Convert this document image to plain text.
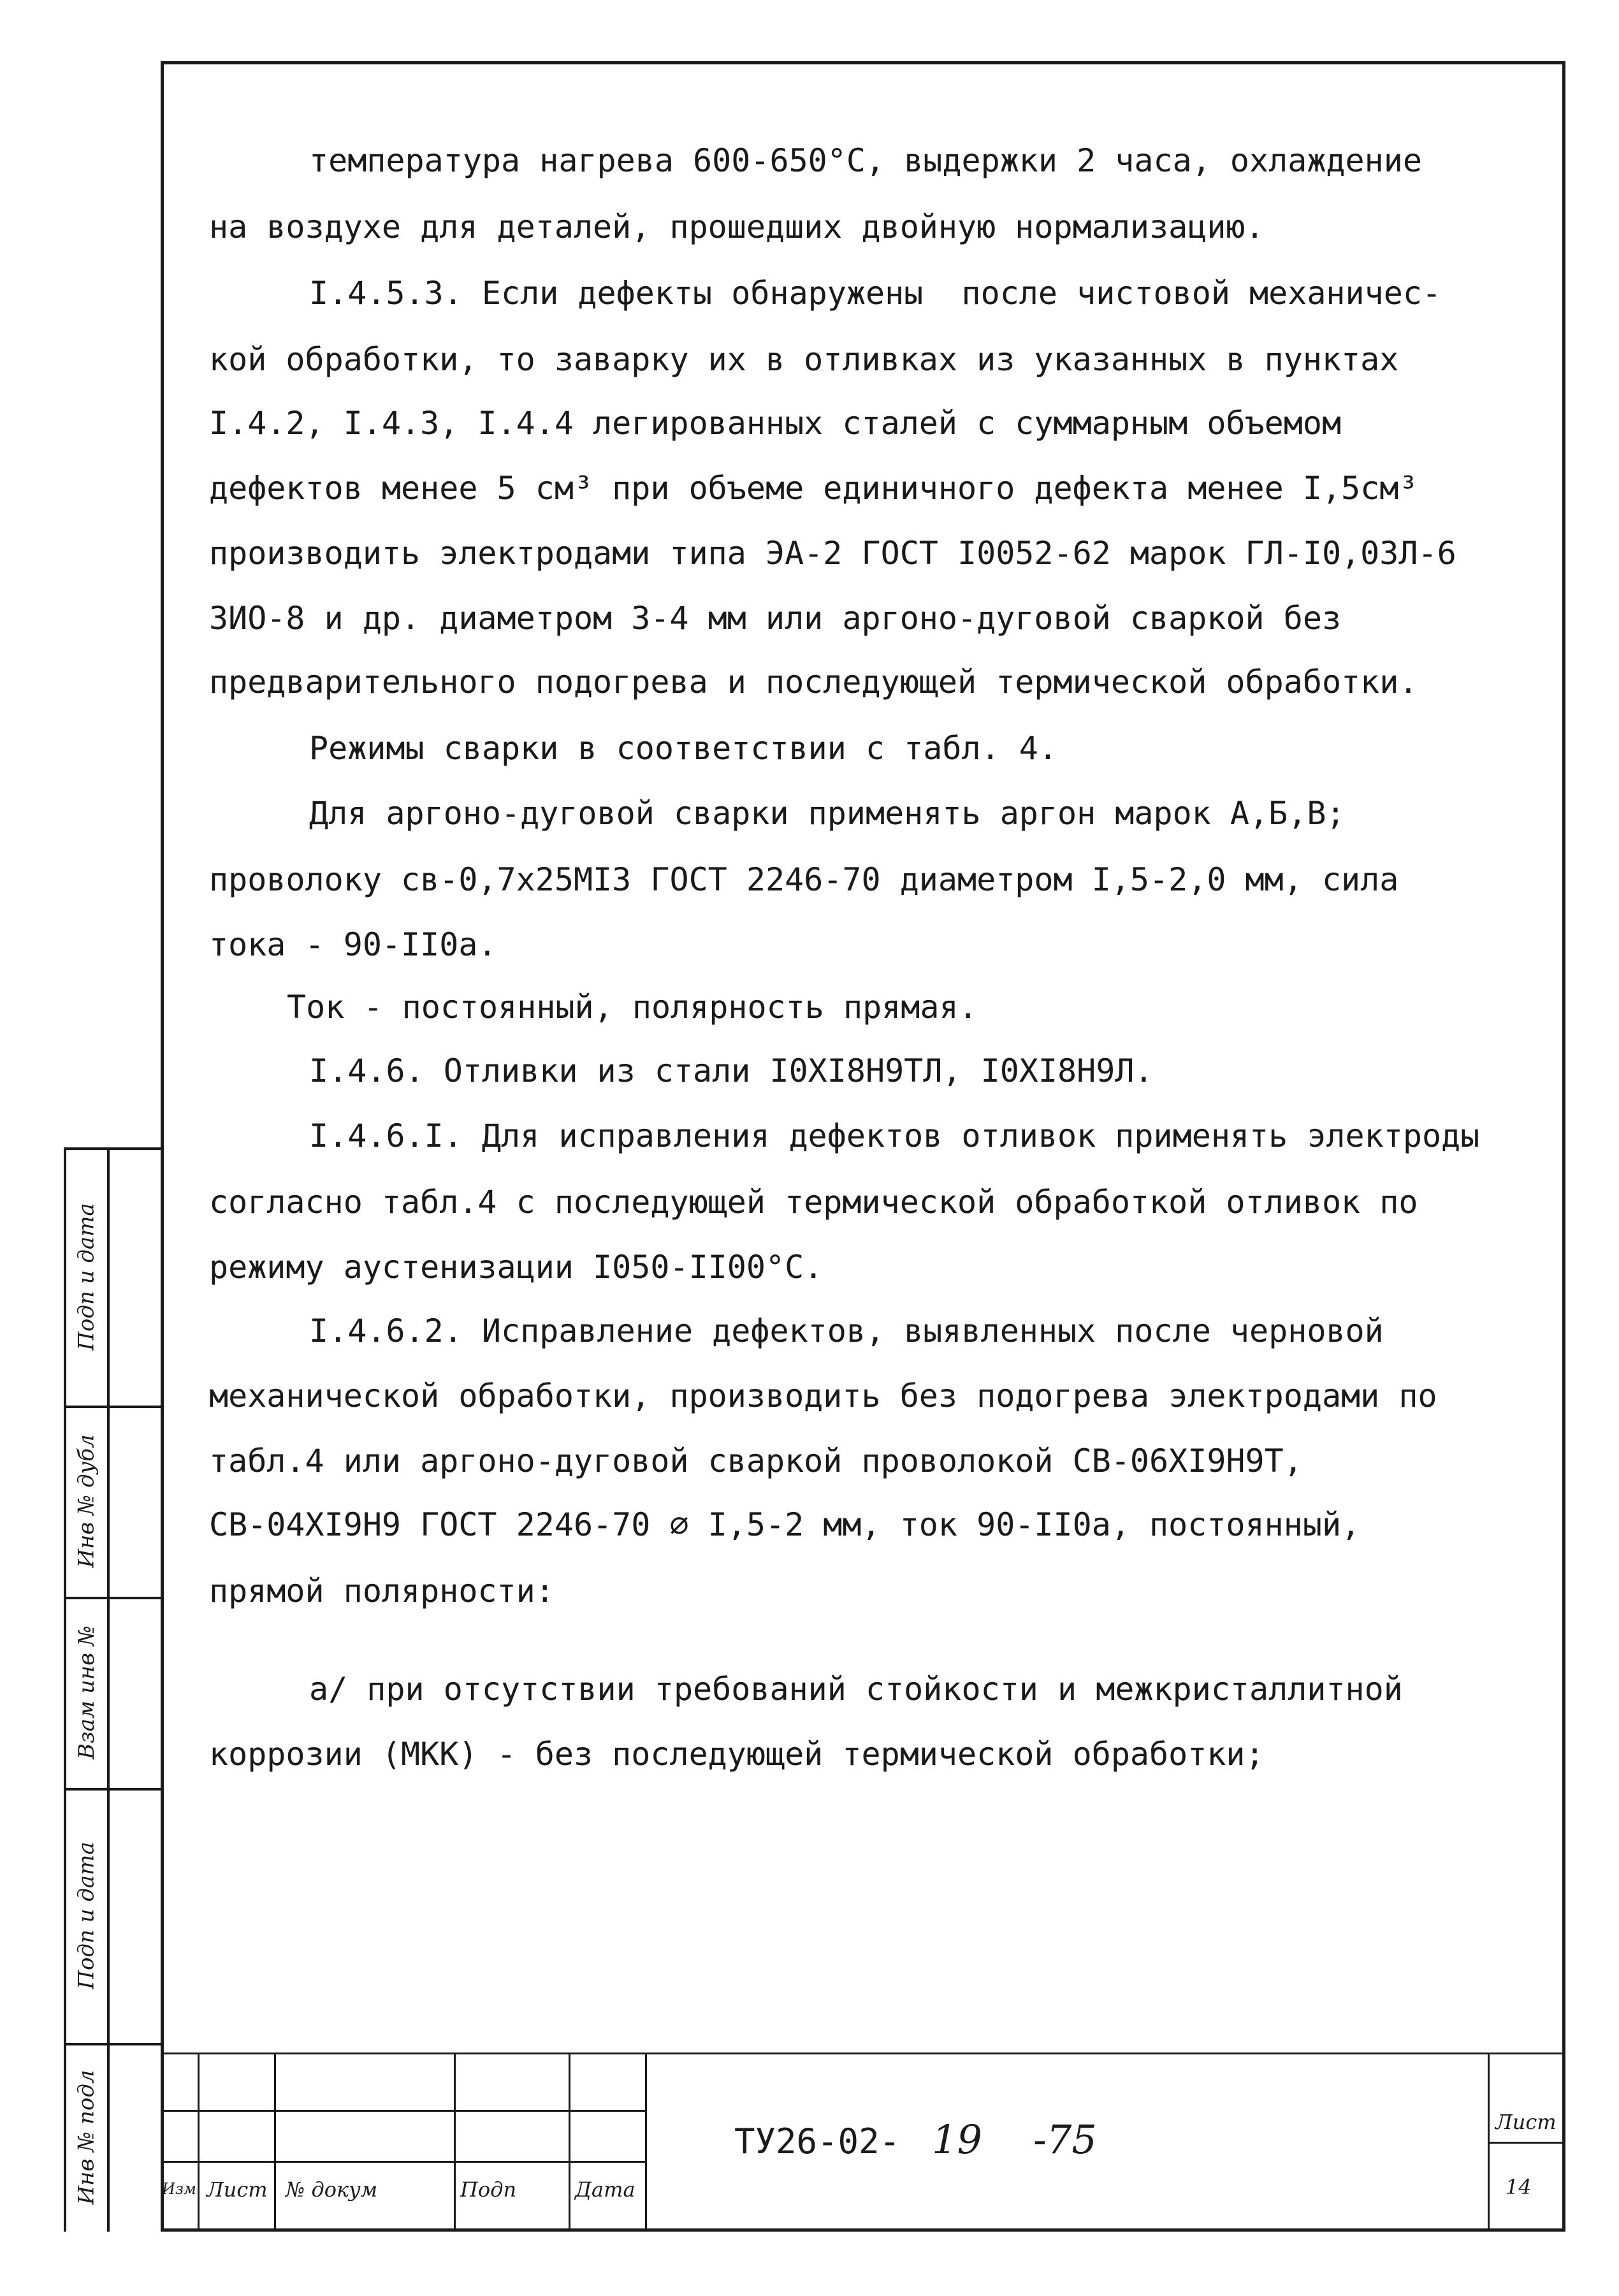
температура нагрева 600-650°C, выдержки 2 часа, охлаждение
на воздухе для деталей, прошедших двойную нормализацию.
I.4.5.3. Если дефекты обнаружены  после чистовой механичес-
кой обработки, то заварку их в отливках из указанных в пунктах
I.4.2, I.4.3, I.4.4 легированных сталей с суммарным объемом
дефектов менее 5 см³ при объеме единичного дефекта менее I,5см³
производить электродами типа ЭА-2 ГОСТ I0052-62 марок ГЛ-I0,03Л-6
ЗИО-8 и др. диаметром 3-4 мм или аргоно-дуговой сваркой без
предварительного подогрева и последующей термической обработки.
Режимы сварки в соответствии с табл. 4.
Для аргоно-дуговой сварки применять аргон марок А,Б,В;
проволоку св-0,7х25МI3 ГОСТ 2246-70 диаметром I,5-2,0 мм, сила
тока - 90-II0а.
Ток - постоянный, полярность прямая.
I.4.6. Отливки из стали I0XI8H9TЛ, I0XI8H9Л.
I.4.6.I. Для исправления дефектов отливок применять электроды
согласно табл.4 с последующей термической обработкой отливок по
режиму аустенизации I050-II00°С.
I.4.6.2. Исправление дефектов, выявленных после черновой
механической обработки, производить без подогрева электродами по
табл.4 или аргоно-дуговой сваркой проволокой СВ-06XI9H9T,
СВ-04XI9H9 ГОСТ 2246-70 ∅ I,5-2 мм, ток 90-II0а, постоянный,
прямой полярности:
а/ при отсутствии требований стойкости и межкристаллитной
коррозии (МКК) - без последующей термической обработки;
Подп и дата
Инв № дубл
Взам инв №
Подп и дата
Инв № подл	Изм Лист № докум	Подп	Дата
Лист
14
ТУ26-02- 19 -75
